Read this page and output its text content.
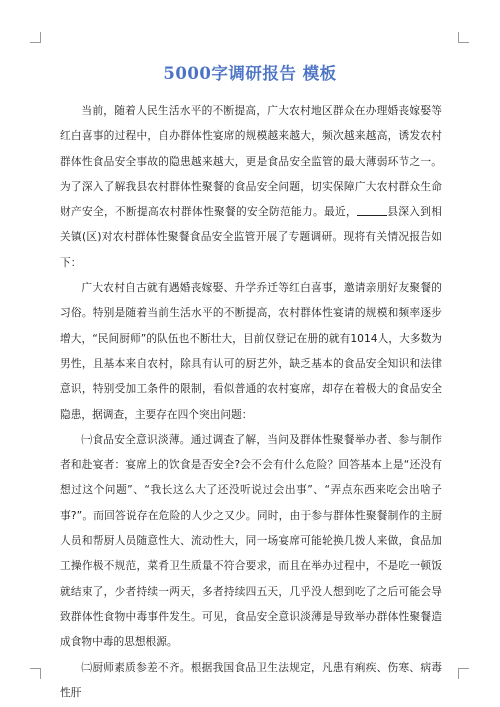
5000字调研报告 模板

当前，随着人民生活水平的不断提高，广大农村地区群众在办理婚丧嫁娶等红白喜事的过程中，自办群体性宴席的规模越来越大，频次越来越高，诱发农村群体性食品安全事故的隐患越来越大，更是食品安全监管的最大薄弱环节之一。为了深入了解我县农村群体性聚餐的食品安全问题，切实保障广大农村群众生命财产安全，不断提高农村群体性聚餐的安全防范能力。最近，	县深入到相关镇(区)对农村群体性聚餐食品安全监管开展了专题调研。现将有关情况报告如下：

广大农村自古就有遇婚丧嫁娶、升学乔迁等红白喜事，邀请亲朋好友聚餐的习俗。特别是随着当前生活水平的不断提高，农村群体性宴请的规模和频率逐步增大，“民间厨师”的队伍也不断壮大，目前仅登记在册的就有1014人，大多数为男性，且基本来自农村，除具有认可的厨艺外，缺乏基本的食品安全知识和法律意识，特别受加工条件的限制，看似普通的农村宴席，却存在着极大的食品安全隐患，据调查，主要存在四个突出问题：

㈠食品安全意识淡薄。通过调查了解，当问及群体性聚餐举办者、参与制作者和赴宴者：宴席上的饮食是否安全?会不会有什么危险？回答基本上是“还没有想过这个问题”、“我长这么大了还没听说过会出事”、“弄点东西来吃会出啥子事?”。而回答说存在危险的人少之又少。同时，由于参与群体性聚餐制作的主厨人员和帮厨人员随意性大、流动性大，同一场宴席可能轮换几拨人来做，食品加工操作极不规范，菜肴卫生质量不符合要求，而且在举办过程中，不是吃一顿饭就结束了，少者持续一两天，多者持续四五天，几乎没人想到吃了之后可能会导致群体性食物中毒事件发生。可见，食品安全意识淡薄是导致举办群体性聚餐造成食物中毒的思想根源。

㈡厨师素质参差不齐。根据我国食品卫生法规定，凡患有痢疾、伤寒、病毒性肝
